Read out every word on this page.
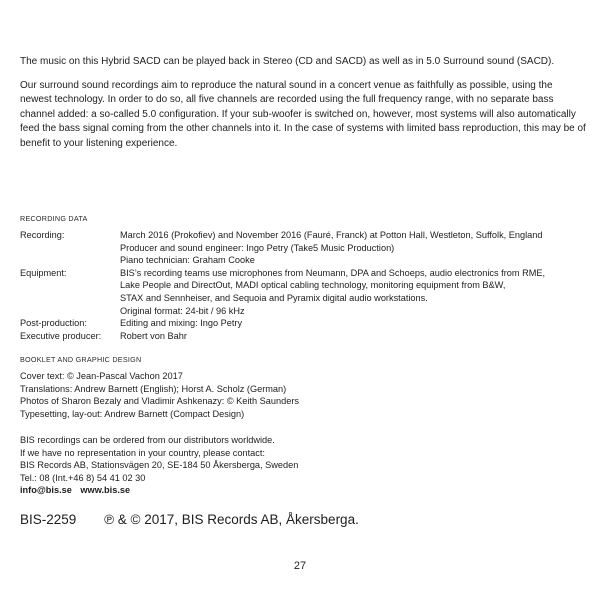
The music on this Hybrid SACD can be played back in Stereo (CD and SACD) as well as in 5.0 Surround sound (SACD).

Our surround sound recordings aim to reproduce the natural sound in a concert venue as faithfully as possible, using the newest technology. In order to do so, all five channels are recorded using the full frequency range, with no separate bass channel added: a so-called 5.0 configuration. If your sub-woofer is switched on, however, most systems will also automatically feed the bass signal coming from the other channels into it. In the case of systems with limited bass reproduction, this may be of benefit to your listening experience.

RECORDING DATA
Recording:	March 2016 (Prokofiev) and November 2016 (Fauré, Franck) at Potton Hall, Westleton, Suffolk, England
Producer and sound engineer: Ingo Petry (Take5 Music Production)
Piano technician: Graham Cooke
Equipment:	BIS’s recording teams use microphones from Neumann, DPA and Schoeps, audio electronics from RME,
Lake People and DirectOut, MADI optical cabling technology, monitoring equipment from B&W,
STAX and Sennheiser, and Sequoia and Pyramix digital audio workstations.
Original format: 24-bit / 96 kHz
Post-production:	Editing and mixing: Ingo Petry
Executive producer:	Robert von Bahr
BOOKLET AND GRAPHIC DESIGN
Cover text: © Jean-Pascal Vachon 2017
Translations: Andrew Barnett (English); Horst A. Scholz (German)
Photos of Sharon Bezaly and Vladimir Ashkenazy: © Keith Saunders
Typesetting, lay-out: Andrew Barnett (Compact Design)
BIS recordings can be ordered from our distributors worldwide.
If we have no representation in your country, please contact:
BIS Records AB, Stationsvägen 20, SE-184 50 Åkersberga, Sweden
Tel.: 08 (Int.+46 8) 54 41 02 30
info@bis.se www.bis.se
BIS-2259 ℗ & © 2017, BIS Records AB, Åkersberga.
27
